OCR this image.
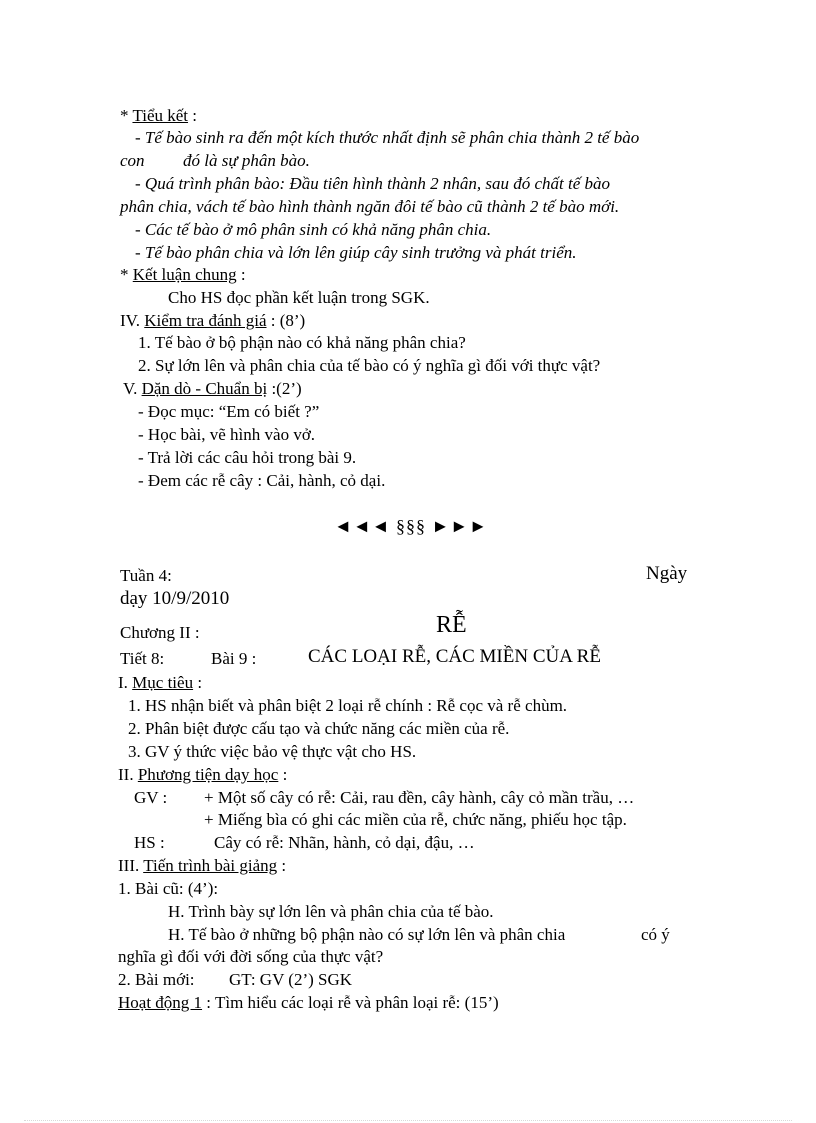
* Tiểu kết :
- Tế bào sinh ra đến một kích thước nhất định sẽ phân chia thành 2 tế bào
con đó là sự phân bào.
- Quá trình phân bào: Đầu tiên hình thành 2 nhân, sau đó chất tế bào
phân chia, vách tế bào hình thành ngăn đôi tế bào cũ thành 2 tế bào mới.
- Các tế bào ở mô phân sinh có khả năng phân chia.
- Tế bào phân chia và lớn lên giúp cây sinh trưởng và phát triển.
* Kết luận chung :
Cho HS đọc phần kết luận trong SGK.
IV. Kiểm tra đánh giá : (8’)
1. Tế bào ở bộ phận nào có khả năng phân chia?
2. Sự lớn lên và phân chia của tế bào có ý nghĩa gì đối với thực vật?
V. Dặn dò - Chuẩn bị :(2’)
- Đọc mục: “Em có biết ?”
- Học bài, vẽ hình vào vở.
- Trả lời các câu hỏi trong bài 9.
- Đem các rễ cây : Cải, hành, cỏ dại.
◄◄◄ §§§ ►►►
Tuần 4:	Ngày
dạy 10/9/2010
Chương II :	RỄ
Tiết 8:	Bài 9 :	CÁC LOẠI RỄ, CÁC MIỀN CỦA RỄ
I. Mục tiêu :
1. HS nhận biết và phân biệt 2 loại rễ chính : Rễ cọc và rễ chùm.
2. Phân biệt được cấu tạo và chức năng các miền của rễ.
3. GV ý thức việc bảo vệ thực vật cho HS.
II. Phương tiện dạy học :
GV : + Một số cây có rễ: Cải, rau đền, cây hành, cây cỏ mần trầu, …
+ Miếng bìa có ghi các miền của rễ, chức năng, phiếu học tập.
HS :	Cây có rễ: Nhãn, hành, cỏ dại, đậu, …
III. Tiến trình bài giảng :
1. Bài cũ: (4’):
H. Trình bày sự lớn lên và phân chia của tế bào.
H. Tế bào ở những bộ phận nào có sự lớn lên và phân chia	có ý
nghĩa gì đối với đời sống của thực vật?
2. Bài mới: GT: GV (2’) SGK
Hoạt động 1 : Tìm hiểu các loại rễ và phân loại rễ: (15’)
